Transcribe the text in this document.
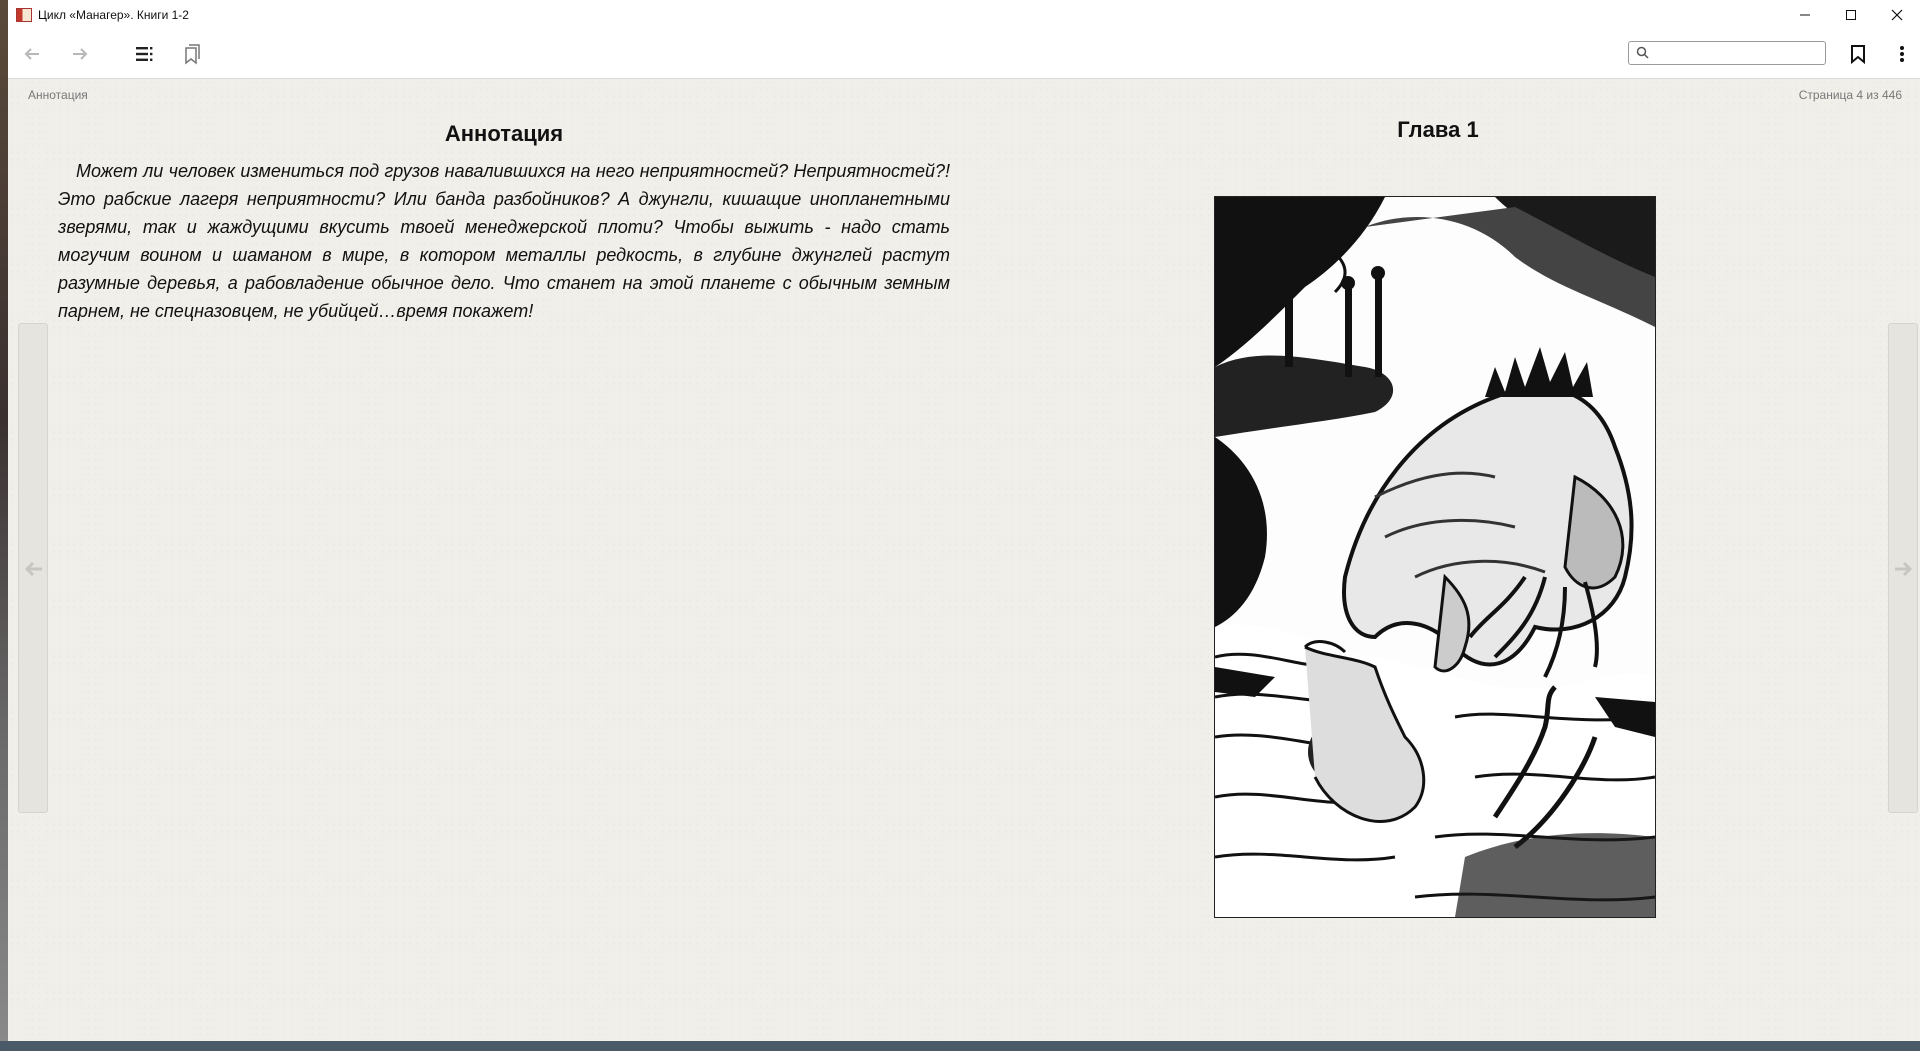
Цикл «Манагер». Книги 1-2
Аннотация	Страница 4 из 446
Аннотация

Может ли человек измениться под грузов навалившихся на него неприятностей? Неприятностей?! Это рабские лагеря неприятности? Или банда разбойников? А джунгли, кишащие инопланетными зверями, так и жаждущими вкусить твоей менеджерской плоти? Чтобы выжить - надо стать могучим воином и шаманом в мире, в котором металлы редкость, в глубине джунглей растут разумные деревья, а рабовладение обычное дело. Что станет на этой планете с обычным земным парнем, не спецназовцем, не убийцей…время покажет!

Глава 1
